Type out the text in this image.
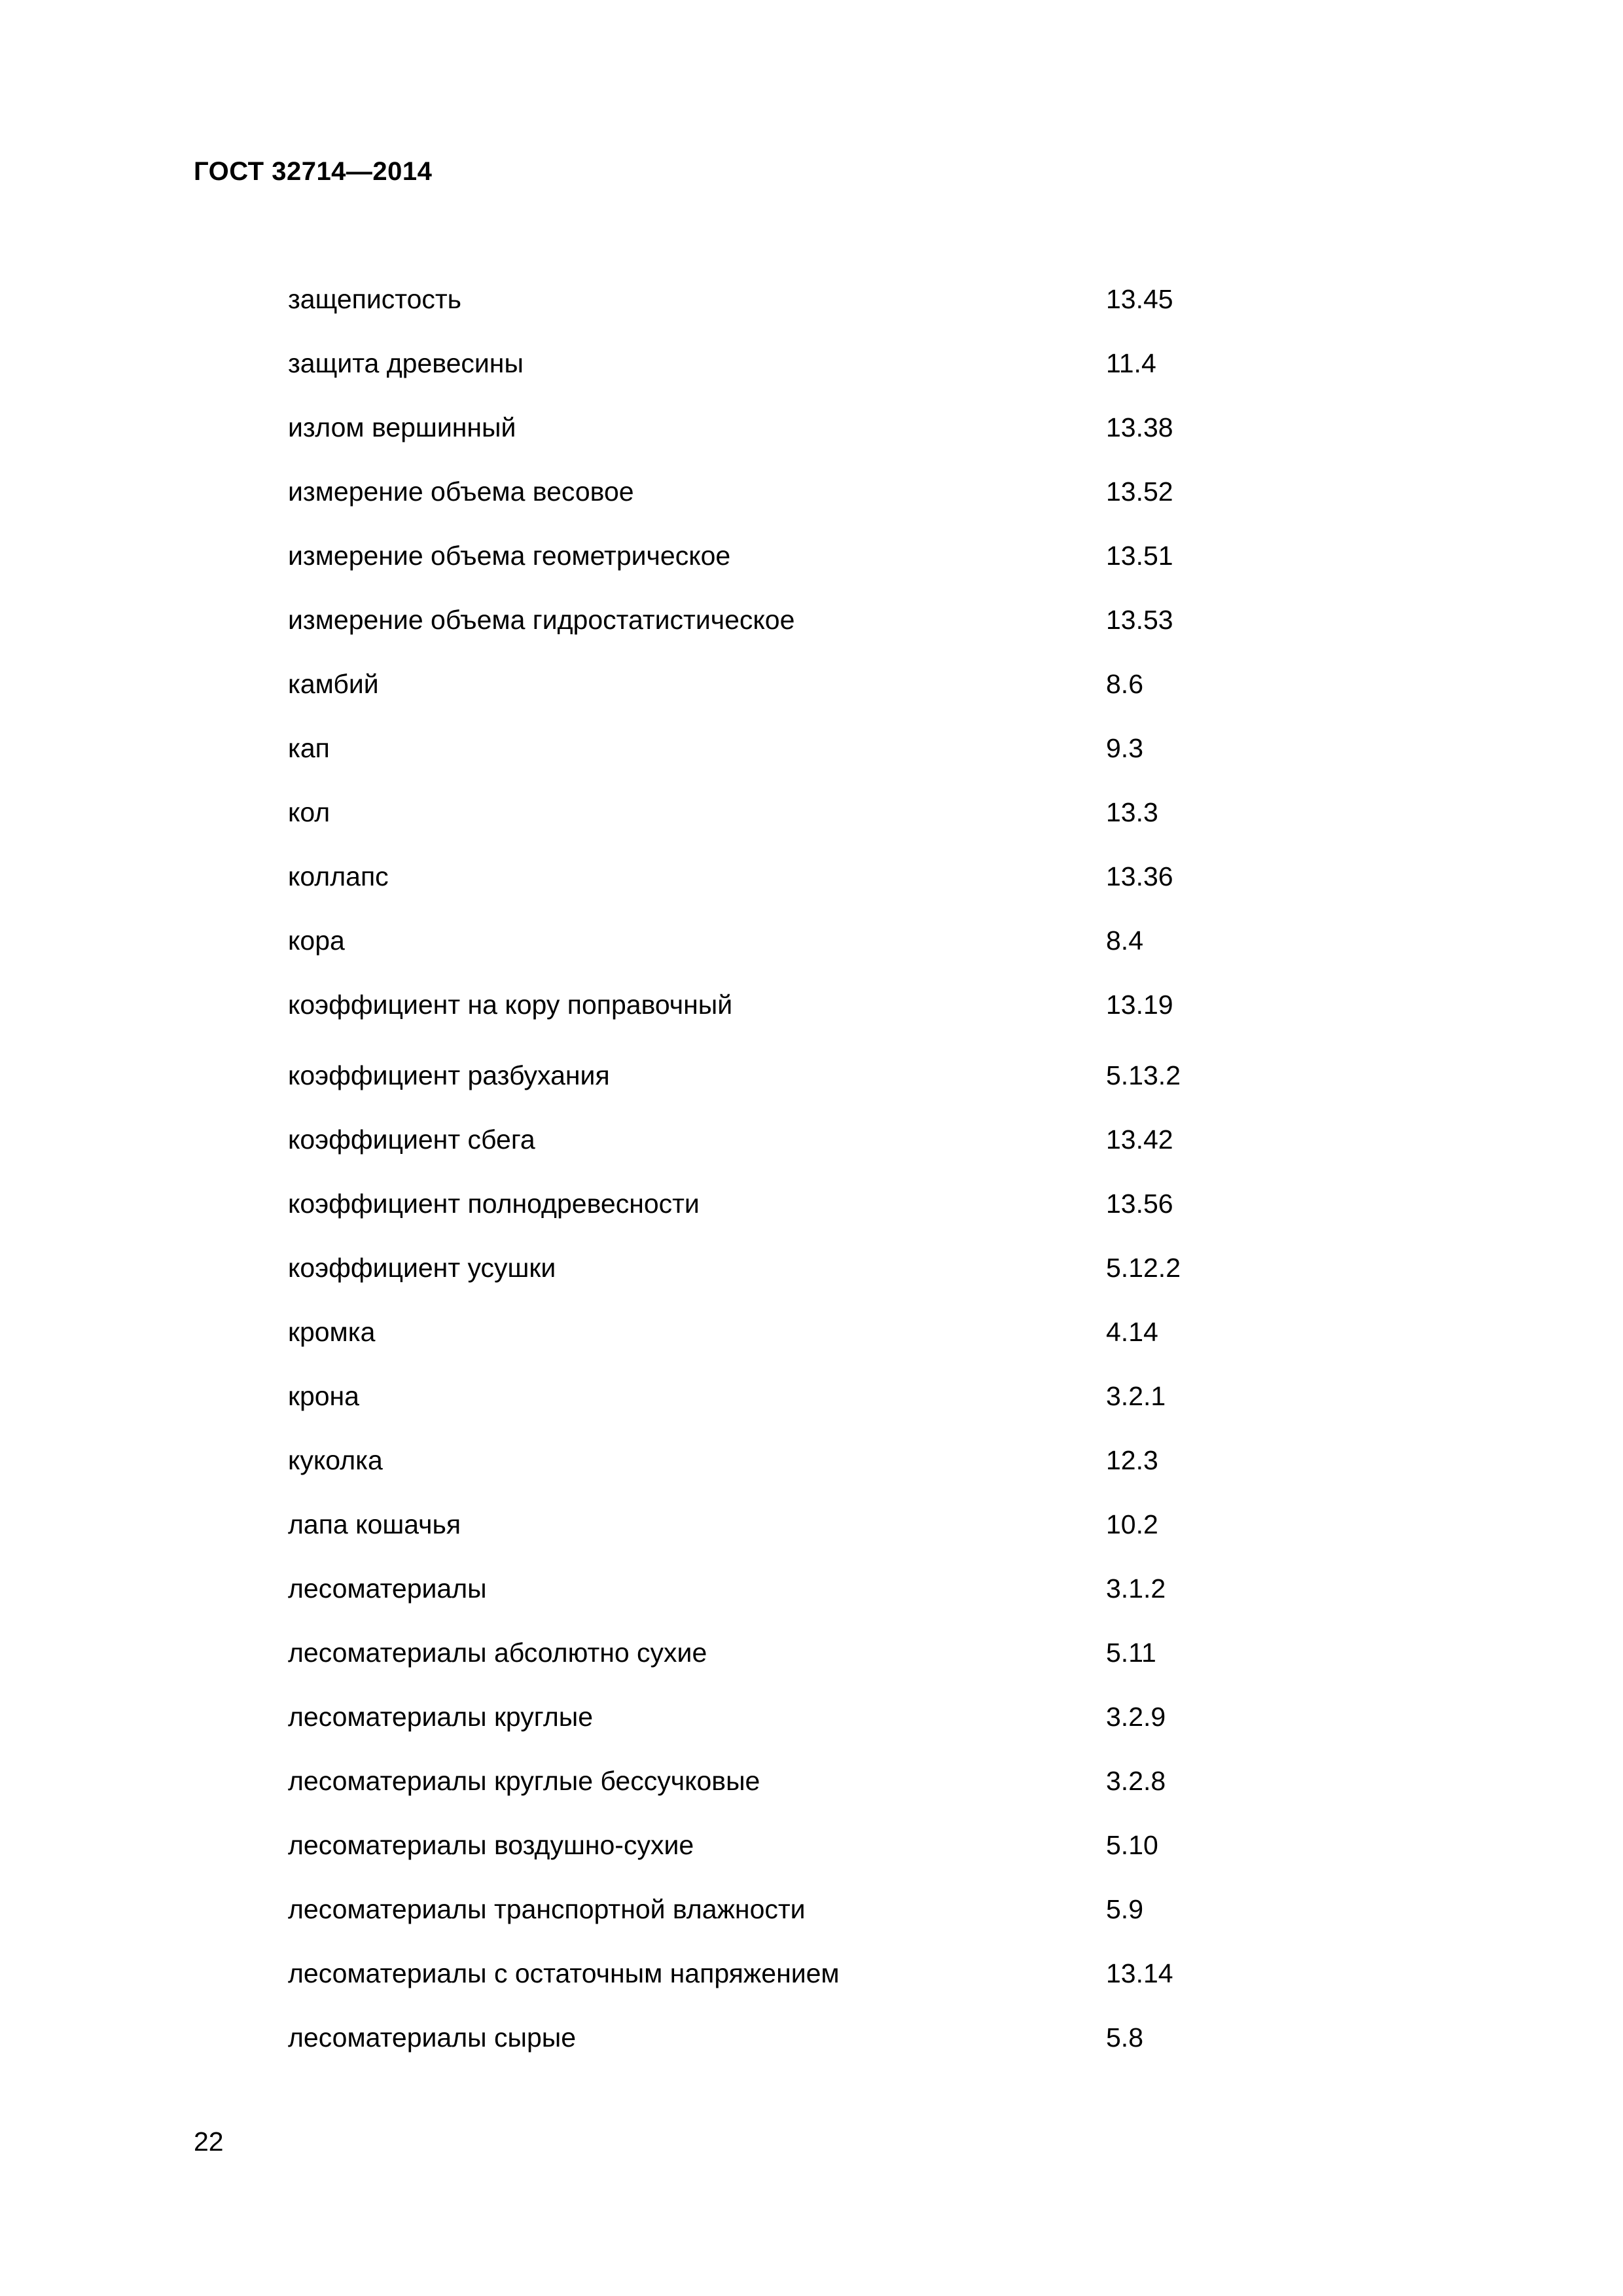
ГОСТ 32714—2014
защепистость	13.45
защита древесины	11.4
излом вершинный	13.38
измерение объема весовое	13.52
измерение объема геометрическое	13.51
измерение объема гидростатистическое	13.53
камбий	8.6
кап	9.3
кол	13.3
коллапс	13.36
кора	8.4
коэффициент на кору поправочный	13.19
коэффициент разбухания	5.13.2
коэффициент сбега	13.42
коэффициент полнодревесности	13.56
коэффициент усушки	5.12.2
кромка	4.14
крона	3.2.1
куколка	12.3
лапа кошачья	10.2
лесоматериалы	3.1.2
лесоматериалы абсолютно сухие	5.11
лесоматериалы круглые	3.2.9
лесоматериалы круглые бессучковые	3.2.8
лесоматериалы воздушно-сухие	5.10
лесоматериалы транспортной влажности	5.9
лесоматериалы с остаточным напряжением	13.14
лесоматериалы сырые	5.8
22
